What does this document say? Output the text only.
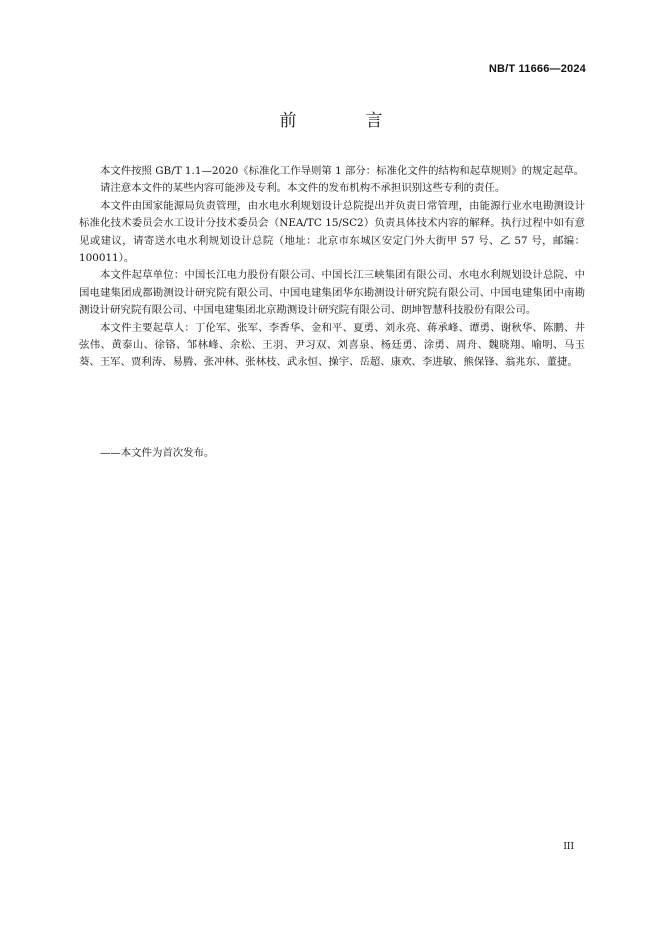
NB/T 11666—2024
前　言

本文件按照 GB/T 1.1—2020《标准化工作导则第 1 部分：标准化文件的结构和起草规则》的规定起草。

请注意本文件的某些内容可能涉及专利。本文件的发布机构不承担识别这些专利的责任。

本文件由国家能源局负责管理，由水电水利规划设计总院提出并负责日常管理，由能源行业水电勘测设计标准化技术委员会水工设计分技术委员会（NEA/TC 15/SC2）负责具体技术内容的解释。执行过程中如有意见或建议，请寄送水电水利规划设计总院（地址：北京市东城区安定门外大街甲 57 号、乙 57 号，邮编：100011）。

本文件起草单位：中国长江电力股份有限公司、中国长江三峡集团有限公司、水电水利规划设计总院、中国电建集团成都勘测设计研究院有限公司、中国电建集团华东勘测设计研究院有限公司、中国电建集团中南勘测设计研究院有限公司、中国电建集团北京勘测设计研究院有限公司、朗坤智慧科技股份有限公司。

本文件主要起草人：丁伦军、张军、李香华、金和平、夏勇、刘永亮、蒋承峰、谭勇、谢秋华、陈鹏、井弦伟、黄泰山、徐铬、邹林峰、余松、王羽、尹习双、刘喜泉、杨廷勇、涂勇、周舟、魏晓翔、喻明、马玉葵、王军、贾利涛、易腾、张冲林、张林枝、武永恒、操宇、岳超、康欢、李进敏、熊保锋、翁兆东、董捷。

——本文件为首次发布。
III
